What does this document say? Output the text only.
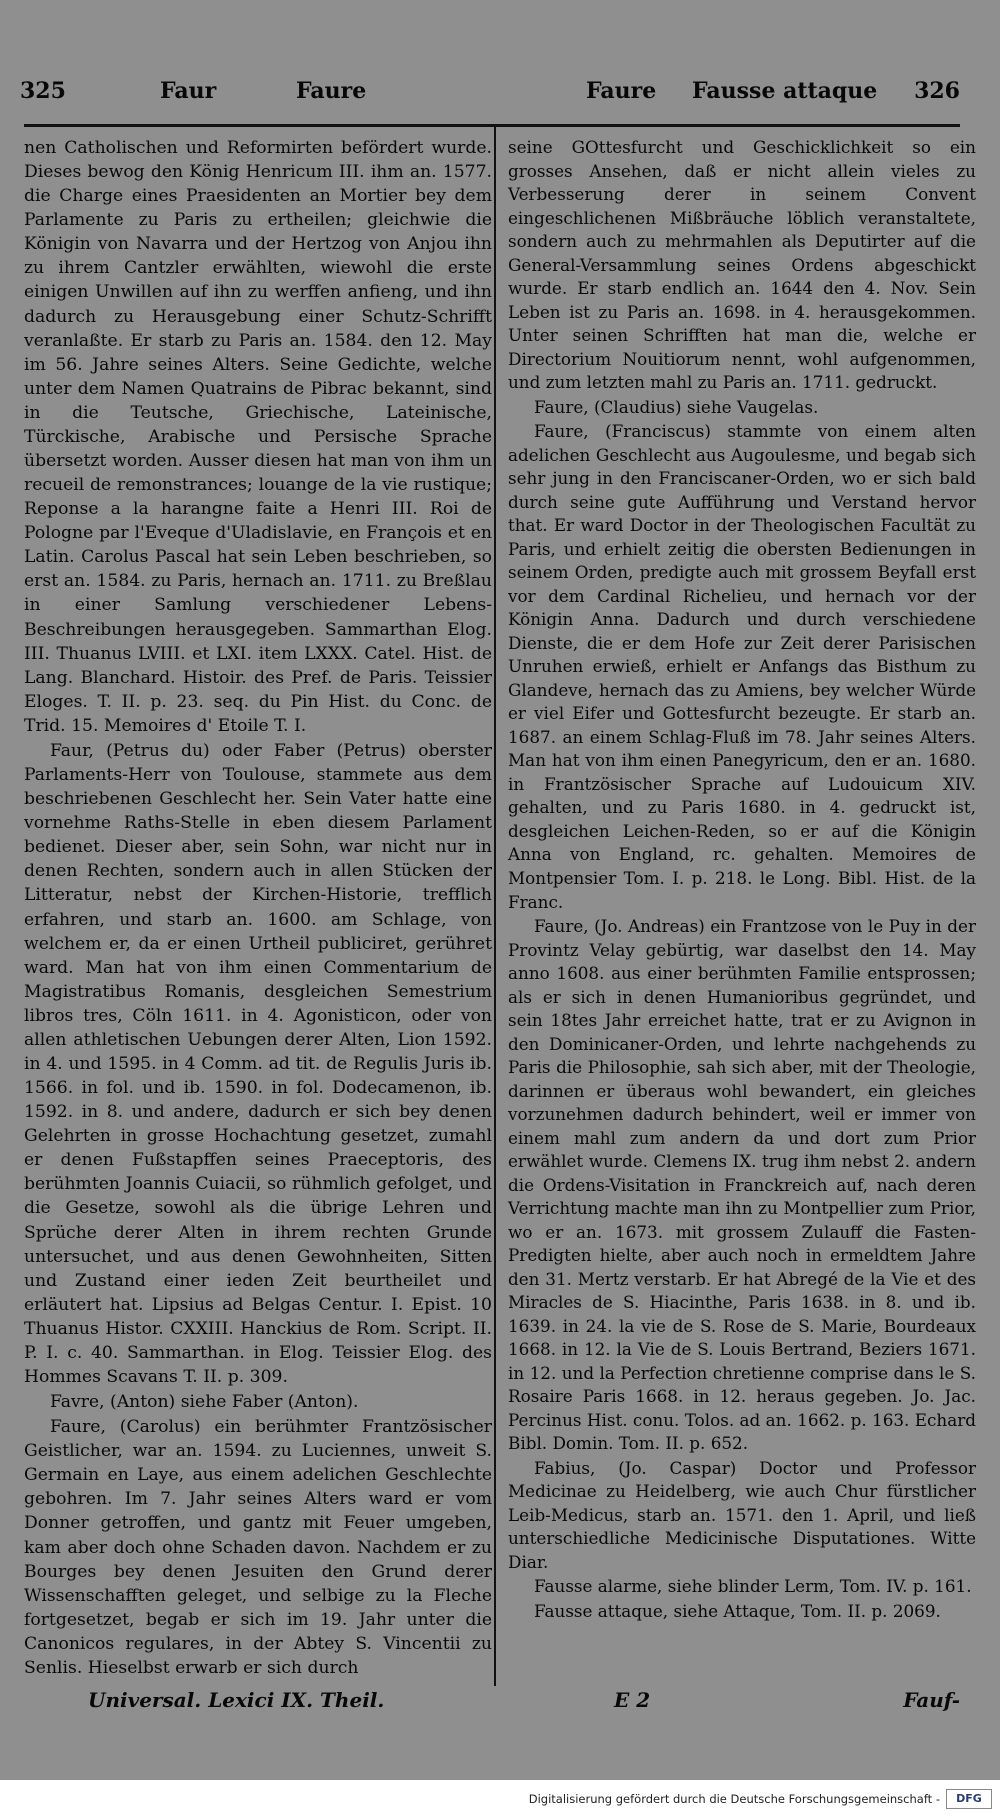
325	Faur	Faure	Faure Fausse attaque 326

nen Catholischen und Reformirten befördert wurde. Dieses bewog den König Henricum III. ihm an. 1577. die Charge eines Praesidenten an Mortier bey dem Parlamente zu Paris zu ertheilen; gleichwie die Königin von Navarra und der Hertzog von Anjou ihn zu ihrem Cantzler erwählten, wiewohl die erste einigen Unwillen auf ihn zu werffen anfieng, und ihn dadurch zu Herausgebung einer Schutz-Schrifft veranlaßte. Er starb zu Paris an. 1584. den 12. May im 56. Jahre seines Alters. Seine Gedichte, welche unter dem Namen Quatrains de Pibrac bekannt, sind in die Teutsche, Griechische, Lateinische, Türckische, Arabische und Persische Sprache übersetzt worden. Ausser diesen hat man von ihm un recueil de remonstrances; louange de la vie rustique; Reponse a la harangne faite a Henri III. Roi de Pologne par l'Eveque d'Uladislavie, en François et en Latin. Carolus Pascal hat sein Leben beschrieben, so erst an. 1584. zu Paris, hernach an. 1711. zu Breßlau in einer Samlung verschiedener Lebens-Beschreibungen herausgegeben. Sammarthan Elog. III. Thuanus LVIII. et LXI. item LXXX. Catel. Hist. de Lang. Blanchard. Histoir. des Pref. de Paris. Teissier Eloges. T. II. p. 23. seq. du Pin Hist. du Conc. de Trid. 15. Memoires d' Etoile T. I.

Faur, (Petrus du) oder Faber (Petrus) oberster Parlaments-Herr von Toulouse, stammete aus dem beschriebenen Geschlecht her. Sein Vater hatte eine vornehme Raths-Stelle in eben diesem Parlament bedienet. Dieser aber, sein Sohn, war nicht nur in denen Rechten, sondern auch in allen Stücken der Litteratur, nebst der Kirchen-Historie, trefflich erfahren, und starb an. 1600. am Schlage, von welchem er, da er einen Urtheil publiciret, gerühret ward. Man hat von ihm einen Commentarium de Magistratibus Romanis, desgleichen Semestrium libros tres, Cöln 1611. in 4. Agonisticon, oder von allen athletischen Uebungen derer Alten, Lion 1592. in 4. und 1595. in 4 Comm. ad tit. de Regulis Juris ib. 1566. in fol. und ib. 1590. in fol. Dodecamenon, ib. 1592. in 8. und andere, dadurch er sich bey denen Gelehrten in grosse Hochachtung gesetzet, zumahl er denen Fußstapffen seines Praeceptoris, des berühmten Joannis Cuiacii, so rühmlich gefolget, und die Gesetze, sowohl als die übrige Lehren und Sprüche derer Alten in ihrem rechten Grunde untersuchet, und aus denen Gewohnheiten, Sitten und Zustand einer ieden Zeit beurtheilet und erläutert hat. Lipsius ad Belgas Centur. I. Epist. 10 Thuanus Histor. CXXIII. Hanckius de Rom. Script. II. P. I. c. 40. Sammarthan. in Elog. Teissier Elog. des Hommes Scavans T. II. p. 309.

Favre, (Anton) siehe Faber (Anton).

Faure, (Carolus) ein berühmter Frantzösischer Geistlicher, war an. 1594. zu Luciennes, unweit S. Germain en Laye, aus einem adelichen Geschlechte gebohren. Im 7. Jahr seines Alters ward er vom Donner getroffen, und gantz mit Feuer umgeben, kam aber doch ohne Schaden davon. Nachdem er zu Bourges bey denen Jesuiten den Grund derer Wissenschafften geleget, und selbige zu la Fleche fortgesetzet, begab er sich im 19. Jahr unter die Canonicos regulares, in der Abtey S. Vincentii zu Senlis. Hieselbst erwarb er sich durch

seine GOttesfurcht und Geschicklichkeit so ein grosses Ansehen, daß er nicht allein vieles zu Verbesserung derer in seinem Convent eingeschlichenen Mißbräuche löblich veranstaltete, sondern auch zu mehrmahlen als Deputirter auf die General-Versammlung seines Ordens abgeschickt wurde. Er starb endlich an. 1644 den 4. Nov. Sein Leben ist zu Paris an. 1698. in 4. herausgekommen. Unter seinen Schrifften hat man die, welche er Directorium Nouitiorum nennt, wohl aufgenommen, und zum letzten mahl zu Paris an. 1711. gedruckt.

Faure, (Claudius) siehe Vaugelas.

Faure, (Franciscus) stammte von einem alten adelichen Geschlecht aus Augoulesme, und begab sich sehr jung in den Franciscaner-Orden, wo er sich bald durch seine gute Aufführung und Verstand hervor that. Er ward Doctor in der Theologischen Facultät zu Paris, und erhielt zeitig die obersten Bedienungen in seinem Orden, predigte auch mit grossem Beyfall erst vor dem Cardinal Richelieu, und hernach vor der Königin Anna. Dadurch und durch verschiedene Dienste, die er dem Hofe zur Zeit derer Parisischen Unruhen erwieß, erhielt er Anfangs das Bisthum zu Glandeve, hernach das zu Amiens, bey welcher Würde er viel Eifer und Gottesfurcht bezeugte. Er starb an. 1687. an einem Schlag-Fluß im 78. Jahr seines Alters. Man hat von ihm einen Panegyricum, den er an. 1680. in Frantzösischer Sprache auf Ludouicum XIV. gehalten, und zu Paris 1680. in 4. gedruckt ist, desgleichen Leichen-Reden, so er auf die Königin Anna von England, rc. gehalten. Memoires de Montpensier Tom. I. p. 218. le Long. Bibl. Hist. de la Franc.

Faure, (Jo. Andreas) ein Frantzose von le Puy in der Provintz Velay gebürtig, war daselbst den 14. May anno 1608. aus einer berühmten Familie entsprossen; als er sich in denen Humanioribus gegründet, und sein 18tes Jahr erreichet hatte, trat er zu Avignon in den Dominicaner-Orden, und lehrte nachgehends zu Paris die Philosophie, sah sich aber, mit der Theologie, darinnen er überaus wohl bewandert, ein gleiches vorzunehmen dadurch behindert, weil er immer von einem mahl zum andern da und dort zum Prior erwählet wurde. Clemens IX. trug ihm nebst 2. andern die Ordens-Visitation in Franckreich auf, nach deren Verrichtung machte man ihn zu Montpellier zum Prior, wo er an. 1673. mit grossem Zulauff die Fasten-Predigten hielte, aber auch noch in ermeldtem Jahre den 31. Mertz verstarb. Er hat Abregé de la Vie et des Miracles de S. Hiacinthe, Paris 1638. in 8. und ib. 1639. in 24. la vie de S. Rose de S. Marie, Bourdeaux 1668. in 12. la Vie de S. Louis Bertrand, Beziers 1671. in 12. und la Perfection chretienne comprise dans le S. Rosaire Paris 1668. in 12. heraus gegeben. Jo. Jac. Percinus Hist. conu. Tolos. ad an. 1662. p. 163. Echard Bibl. Domin. Tom. II. p. 652.

Fabius, (Jo. Caspar) Doctor und Professor Medicinae zu Heidelberg, wie auch Chur fürstlicher Leib-Medicus, starb an. 1571. den 1. April, und ließ unterschiedliche Medicinische Disputationes. Witte Diar.

Fausse alarme, siehe blinder Lerm, Tom. IV. p. 161.

Fausse attaque, siehe Attaque, Tom. II. p. 2069.

Universal. Lexici IX. Theil.	E 2	Fauf-
Digitalisierung gefördert durch die Deutsche Forschungsgemeinschaft -	DFG
